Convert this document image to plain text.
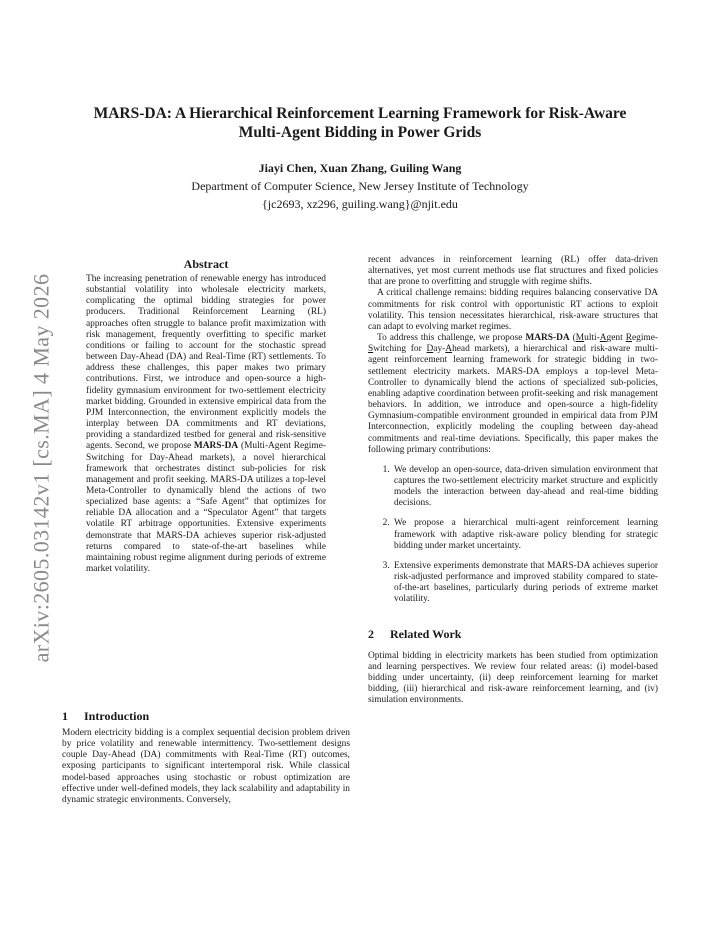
arXiv:2605.03142v1 [cs.MA] 4 May 2026
MARS-DA: A Hierarchical Reinforcement Learning Framework for Risk-Aware
Multi-Agent Bidding in Power Grids
Jiayi Chen, Xuan Zhang, Guiling Wang
Department of Computer Science, New Jersey Institute of Technology
{jc2693, xz296, guiling.wang}@njit.edu
Abstract
The increasing penetration of renewable energy has introduced substantial volatility into wholesale electricity markets, complicating the optimal bidding strategies for power producers. Traditional Reinforcement Learning (RL) approaches often struggle to balance profit maximization with risk management, frequently overfitting to specific market conditions or failing to account for the stochastic spread between Day-Ahead (DA) and Real-Time (RT) settlements. To address these challenges, this paper makes two primary contributions. First, we introduce and open-source a high-fidelity gymnasium environment for two-settlement electricity market bidding. Grounded in extensive empirical data from the PJM Interconnection, the environment explicitly models the interplay between DA commitments and RT deviations, providing a standardized testbed for general and risk-sensitive agents. Second, we propose MARS-DA (Multi-Agent Regime-Switching for Day-Ahead markets), a novel hierarchical framework that orchestrates distinct sub-policies for risk management and profit seeking. MARS-DA utilizes a top-level Meta-Controller to dynamically blend the actions of two specialized base agents: a “Safe Agent” that optimizes for reliable DA allocation and a “Speculator Agent” that targets volatile RT arbitrage opportunities. Extensive experiments demonstrate that MARS-DA achieves superior risk-adjusted returns compared to state-of-the-art baselines while maintaining robust regime alignment during periods of extreme market volatility.
1 Introduction

Modern electricity bidding is a complex sequential decision problem driven by price volatility and renewable intermittency. Two-settlement designs couple Day-Ahead (DA) commitments with Real-Time (RT) outcomes, exposing participants to significant intertemporal risk. While classical model-based approaches using stochastic or robust optimization are effective under well-defined models, they lack scalability and adaptability in dynamic strategic environments. Conversely,

recent advances in reinforcement learning (RL) offer data-driven alternatives, yet most current methods use flat structures and fixed policies that are prone to overfitting and struggle with regime shifts.

A critical challenge remains: bidding requires balancing conservative DA commitments for risk control with opportunistic RT actions to exploit volatility. This tension necessitates hierarchical, risk-aware structures that can adapt to evolving market regimes.

To address this challenge, we propose MARS-DA (Multi-Agent Regime-Switching for Day-Ahead markets), a hierarchical and risk-aware multi-agent reinforcement learning framework for strategic bidding in two-settlement electricity markets. MARS-DA employs a top-level Meta-Controller to dynamically blend the actions of specialized sub-policies, enabling adaptive coordination between profit-seeking and risk management behaviors. In addition, we introduce and open-source a high-fidelity Gymnasium-compatible environment grounded in empirical data from PJM Interconnection, explicitly modeling the coupling between day-ahead commitments and real-time deviations. Specifically, this paper makes the following primary contributions:

1. We develop an open-source, data-driven simulation environment that captures the two-settlement electricity market structure and explicitly models the interaction between day-ahead and real-time bidding decisions.
2. We propose a hierarchical multi-agent reinforcement learning framework with adaptive risk-aware policy blending for strategic bidding under market uncertainty.
3. Extensive experiments demonstrate that MARS-DA achieves superior risk-adjusted performance and improved stability compared to state-of-the-art baselines, particularly during periods of extreme market volatility.
2 Related Work

Optimal bidding in electricity markets has been studied from optimization and learning perspectives. We review four related areas: (i) model-based bidding under uncertainty, (ii) deep reinforcement learning for market bidding, (iii) hierarchical and risk-aware reinforcement learning, and (iv) simulation environments.
